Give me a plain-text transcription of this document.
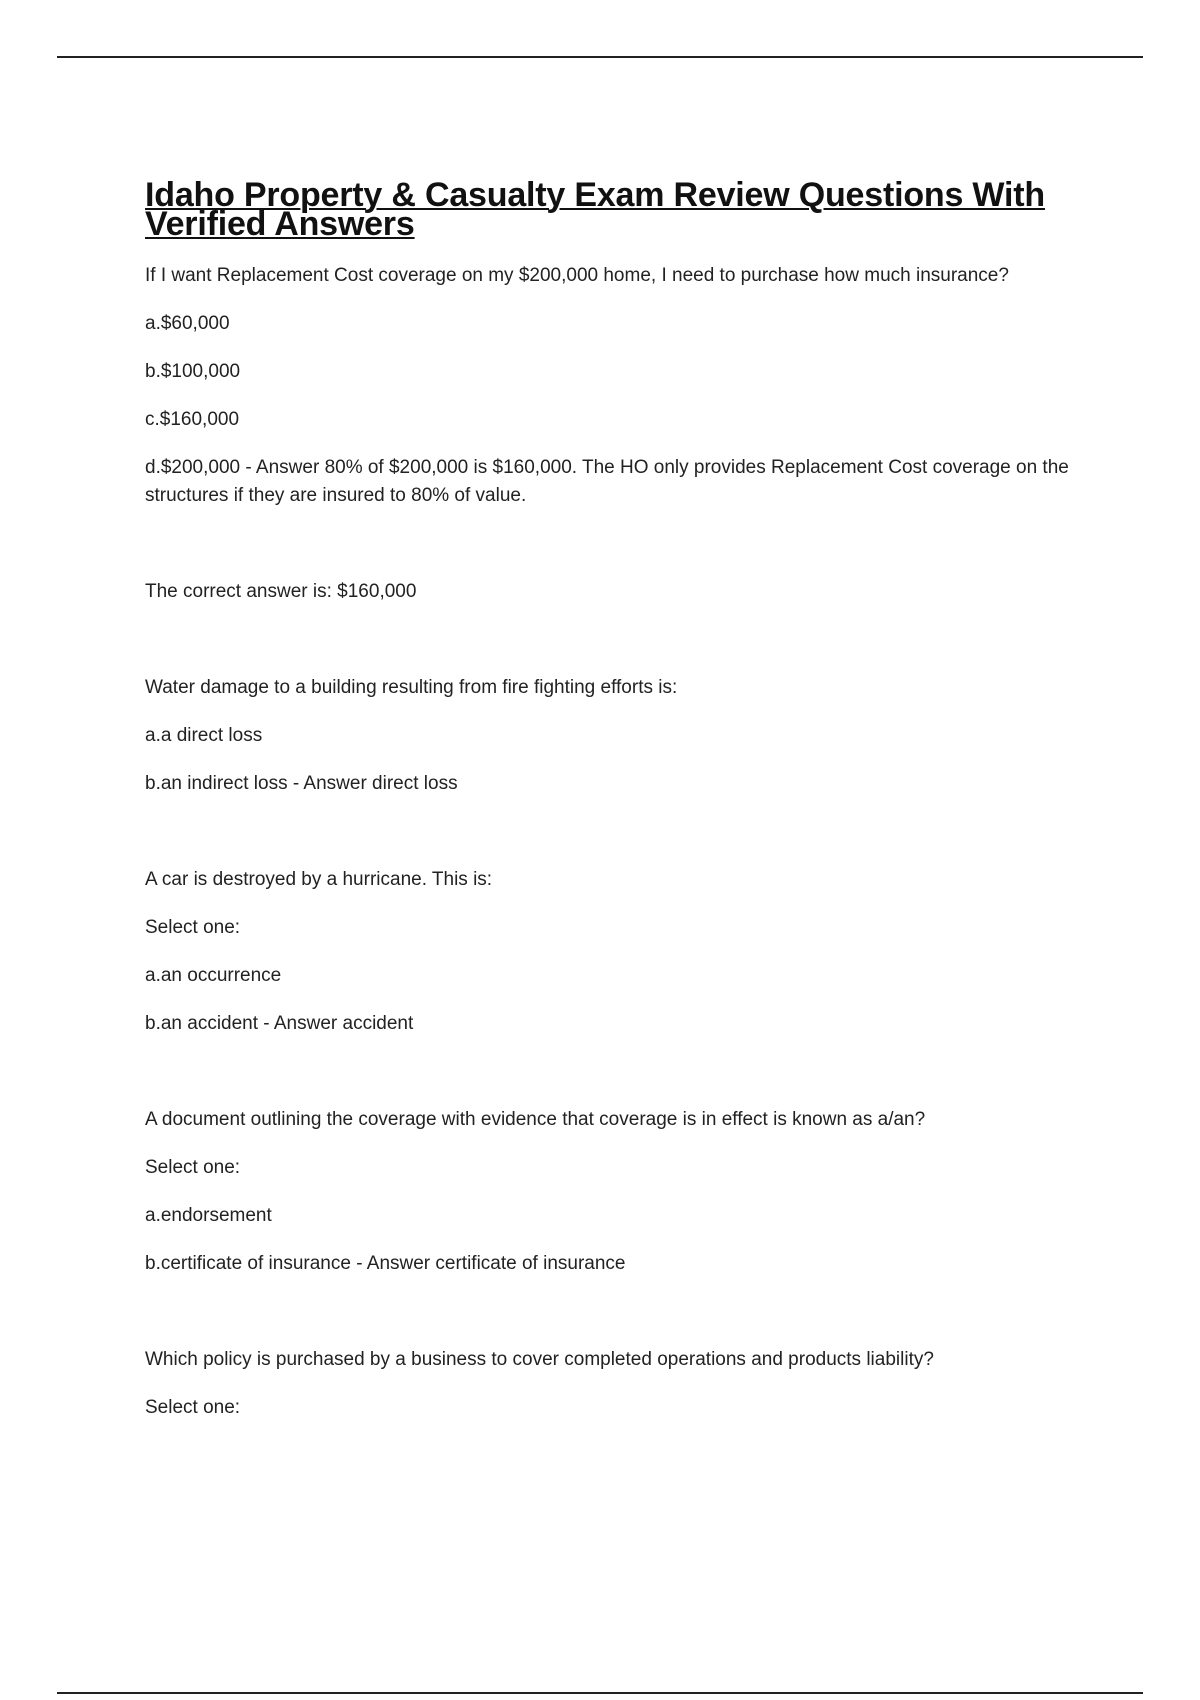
Idaho Property & Casualty Exam Review Questions With
Verified Answers

If I want Replacement Cost coverage on my $200,000 home, I need to purchase how much insurance?

a.$60,000

b.$100,000

c.$160,000

d.$200,000 - Answer 80% of $200,000 is $160,000. The HO only provides Replacement Cost coverage on the structures if they are insured to 80% of value.

The correct answer is: $160,000

Water damage to a building resulting from fire fighting efforts is:

a.a direct loss

b.an indirect loss - Answer direct loss

A car is destroyed by a hurricane. This is:

Select one:

a.an occurrence

b.an accident - Answer accident

A document outlining the coverage with evidence that coverage is in effect is known as a/an?

Select one:

a.endorsement

b.certificate of insurance - Answer certificate of insurance

Which policy is purchased by a business to cover completed operations and products liability?

Select one:
